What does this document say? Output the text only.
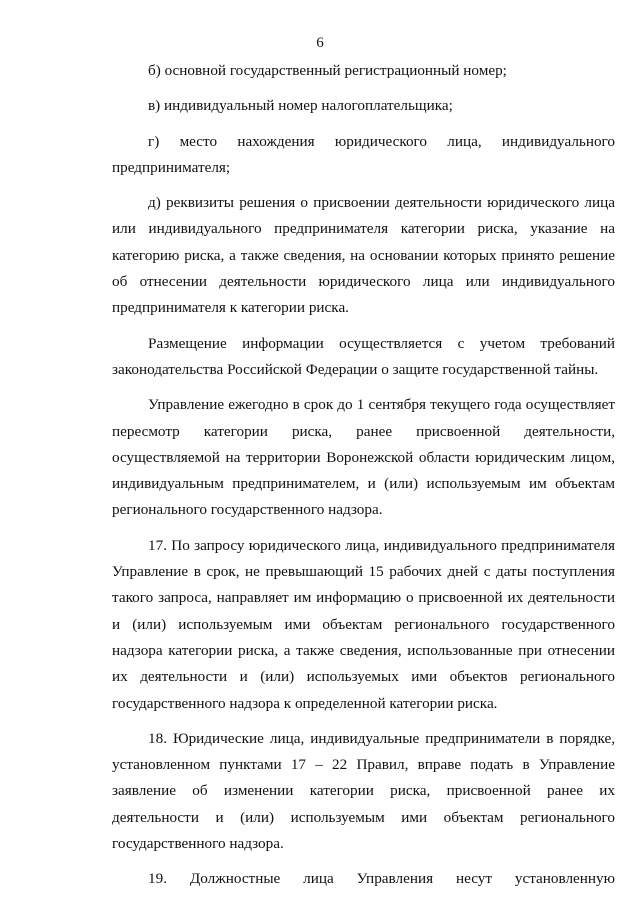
6

б) основной государственный регистрационный номер;

в) индивидуальный номер налогоплательщика;

г) место нахождения юридического лица, индивидуального предпринимателя;

д) реквизиты решения о присвоении деятельности юридического лица или индивидуального предпринимателя категории риска, указание на категорию риска, а также сведения, на основании которых принято решение об отнесении деятельности юридического лица или индивидуального предпринимателя к категории риска.

Размещение информации осуществляется с учетом требований законодательства Российской Федерации о защите государственной тайны.

Управление ежегодно в срок до 1 сентября текущего года осуществляет пересмотр категории риска, ранее присвоенной деятельности, осуществляемой на территории Воронежской области юридическим лицом, индивидуальным предпринимателем, и (или) используемым им объектам регионального государственного надзора.

17. По запросу юридического лица, индивидуального предпринимателя Управление в срок, не превышающий 15 рабочих дней с даты поступления такого запроса, направляет им информацию о присвоенной их деятельности и (или) используемым ими объектам регионального государственного надзора категории риска, а также сведения, использованные при отнесении их деятельности и (или) используемых ими объектов регионального государственного надзора к определенной категории риска.

18. Юридические лица, индивидуальные предприниматели в порядке, установленном пунктами 17 – 22 Правил, вправе подать в Управление заявление об изменении категории риска, присвоенной ранее их деятельности и (или) используемым ими объектам регионального государственного надзора.

19. Должностные лица Управления несут установленную
